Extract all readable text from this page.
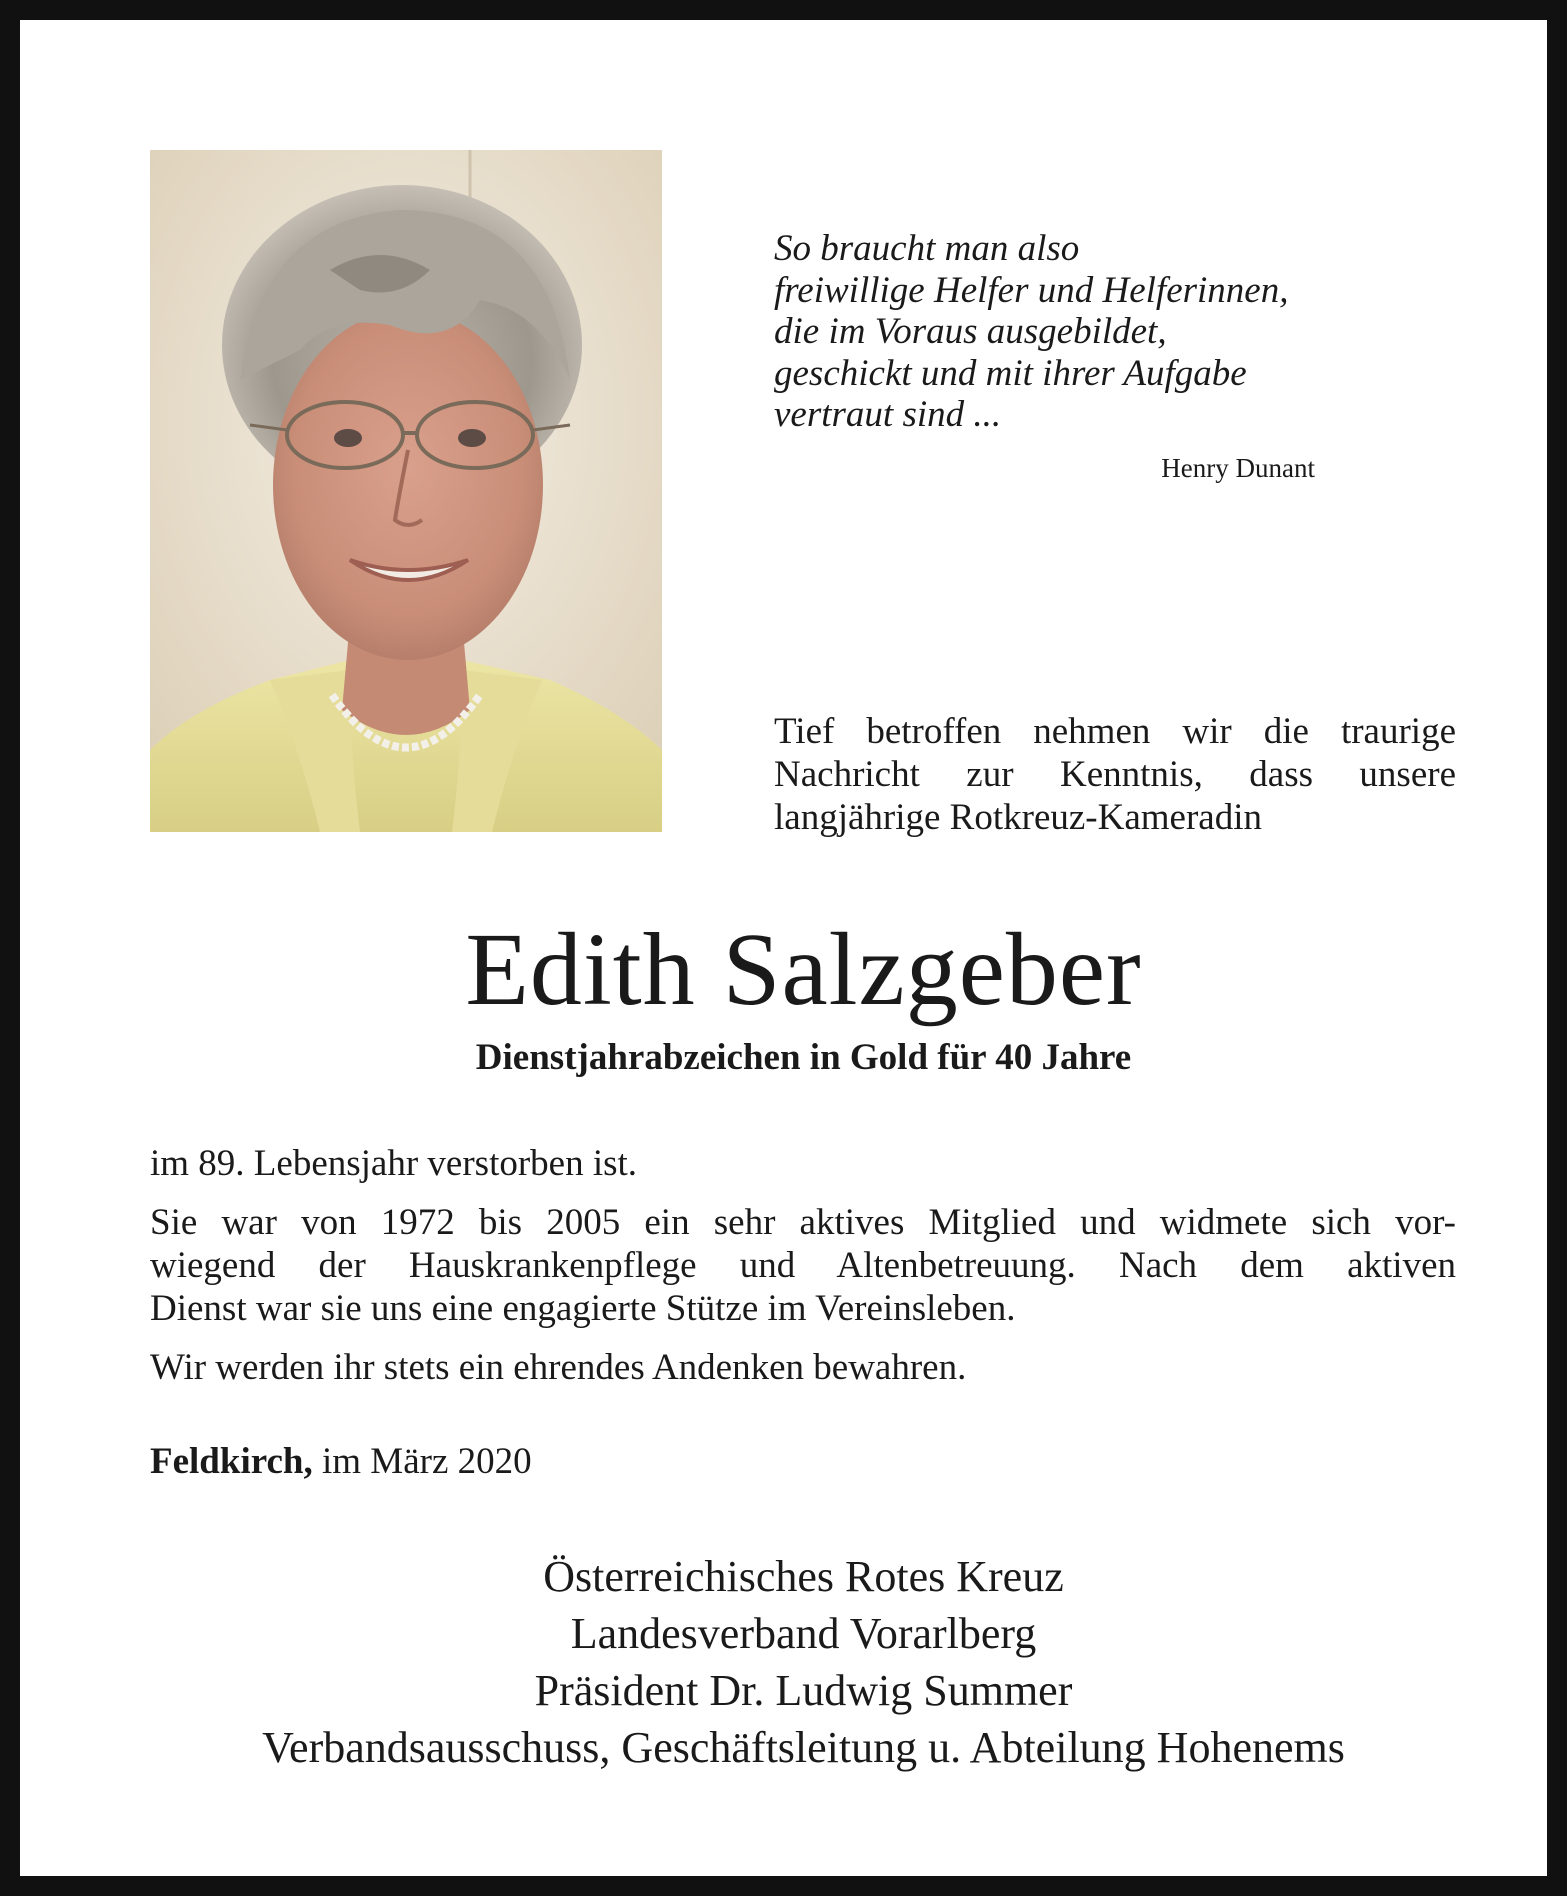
So braucht man also
freiwillige Helfer und Helferinnen,
die im Voraus ausgebildet,
geschickt und mit ihrer Aufgabe
vertraut sind ...
Henry Dunant
Tief betroffen nehmen wir die traurige
Nachricht zur Kenntnis, dass unsere
langjährige Rotkreuz-Kameradin
Edith Salzgeber
Dienstjahrabzeichen in Gold für 40 Jahre

im 89. Lebensjahr verstorben ist.

Sie war von 1972 bis 2005 ein sehr aktives Mitglied und widmete sich vor-
wiegend der Hauskrankenpflege und Altenbetreuung. Nach dem aktiven
Dienst war sie uns eine engagierte Stütze im Vereinsleben.

Wir werden ihr stets ein ehrendes Andenken bewahren.

Feldkirch, im März 2020
Österreichisches Rotes Kreuz
Landesverband Vorarlberg
Präsident Dr. Ludwig Summer
Verbandsausschuss, Geschäftsleitung u. Abteilung Hohenems
